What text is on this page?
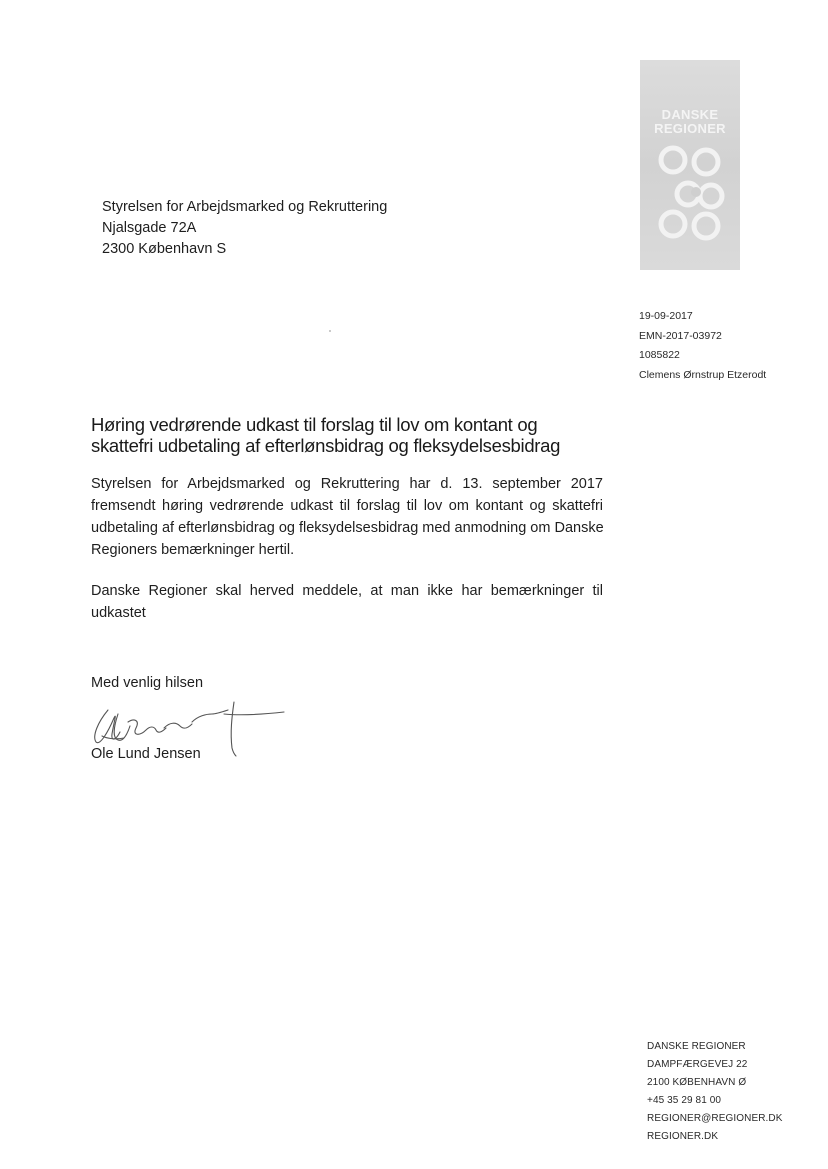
DANSKE
REGIONER
Styrelsen for Arbejdsmarked og Rekruttering
Njalsgade 72A
2300 København S
19-09-2017
EMN-2017-03972
1085822
Clemens Ørnstrup Etzerodt
Høring vedrørende udkast til forslag til lov om kontant og
skattefri udbetaling af efterlønsbidrag og fleksydelsesbidrag
Styrelsen for Arbejdsmarked og Rekruttering har d. 13. september 2017
fremsendt høring vedrørende udkast til forslag til lov om kontant og skattefri
udbetaling af efterlønsbidrag og fleksydelsesbidrag med anmodning om Danske
Regioners bemærkninger hertil.
Danske Regioner skal herved meddele, at man ikke har bemærkninger til
udkastet
Med venlig hilsen
Ole Lund Jensen
DANSKE REGIONER
DAMPFÆRGEVEJ 22
2100 KØBENHAVN Ø
+45 35 29 81 00
REGIONER@REGIONER.DK
REGIONER.DK
